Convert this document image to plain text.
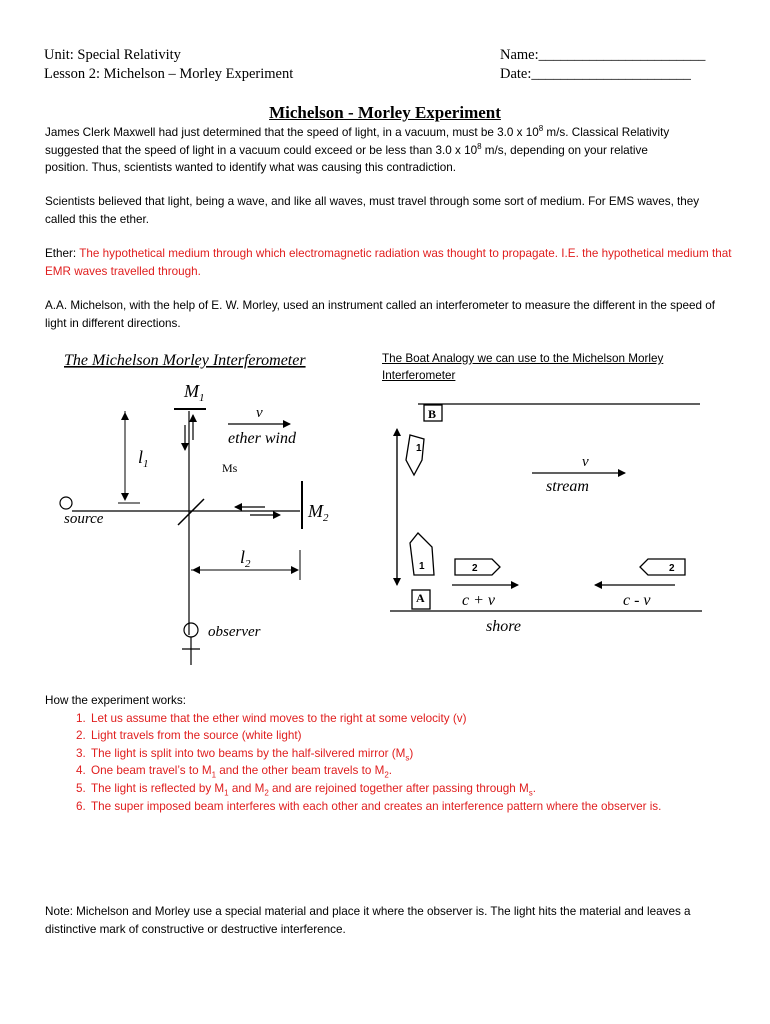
Unit: Special Relativity
Lesson 2: Michelson – Morley Experiment
Name:_______________________
Date:______________________
Michelson - Morley Experiment

James Clerk Maxwell had just determined that the speed of light, in a vacuum, must be 3.0 x $10^8$ m/s. Classical Relativity

suggested that the speed of light in a vacuum could exceed or be less than 3.0 x $10^8$ m/s, depending on your relative

position. Thus, scientists wanted to identify what was causing this contradiction.

Scientists believed that light, being a wave, and like all waves, must travel through some sort of medium. For EMS waves, they called this the ether.
Ether: The hypothetical medium through which electromagnetic radiation was thought to propagate. I.E. the hypothetical medium that EMR waves travelled through.
A.A. Michelson, with the help of E. W. Morley, used an instrument called an interferometer to measure the different in the speed of light in different directions.
The Michelson Morley Interferometer
$M_1$
$l_1$
v
ether wind
Ms
source	$M_2$
$l_2$
observer
The Boat Analogy we can use to the Michelson Morley Interferometer
B
1
v
stream
1	2	2
c + v	c - v
A
shore

How the experiment works:

1. Let us assume that the ether wind moves to the right at some velocity (v)
2. Light travels from the source (white light)
3. The light is split into two beams by the half-silvered mirror $(M_s)$
4. One beam travel’s to $M_1$ and the other beam travels to $M_2$.
5. The light is reflected by $M_1$ and $M_2$ and are rejoined together after passing through $M_s$.
6. The super imposed beam interferes with each other and creates an interference pattern where the observer is.
Note: Michelson and Morley use a special material and place it where the observer is. The light hits the material and leaves a distinctive mark of constructive or destructive interference.
